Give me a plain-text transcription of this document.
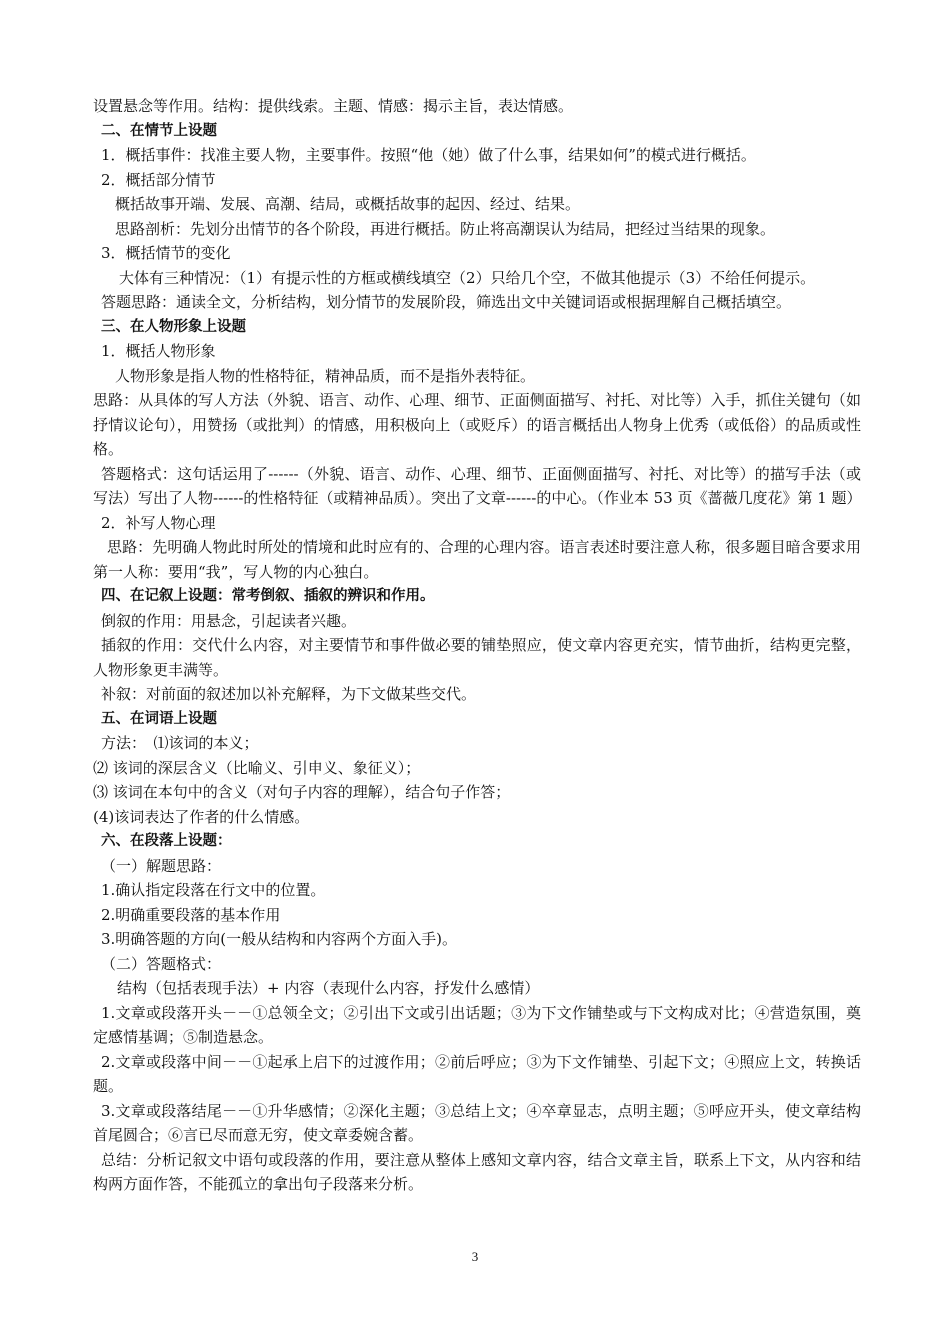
设置悬念等作用。结构：提供线索。主题、情感：揭示主旨，表达情感。

二、在情节上设题

1．概括事件：找准主要人物，主要事件。按照“他（她）做了什么事，结果如何”的模式进行概括。

2．概括部分情节

概括故事开端、发展、高潮、结局，或概括故事的起因、经过、结果。

思路剖析：先划分出情节的各个阶段，再进行概括。防止将高潮误认为结局，把经过当结果的现象。

3．概括情节的变化

大体有三种情况：（1）有提示性的方框或横线填空（2）只给几个空，不做其他提示（3）不给任何提示。

答题思路：通读全文，分析结构，划分情节的发展阶段，筛选出文中关键词语或根据理解自己概括填空。

三、在人物形象上设题

1．概括人物形象

人物形象是指人物的性格特征，精神品质，而不是指外表特征。

思路：从具体的写人方法（外貌、语言、动作、心理、细节、正面侧面描写、衬托、对比等）入手，抓住关键句（如抒情议论句），用赞扬（或批判）的情感，用积极向上（或贬斥）的语言概括出人物身上优秀（或低俗）的品质或性格。

答题格式：这句话运用了------（外貌、语言、动作、心理、细节、正面侧面描写、衬托、对比等）的描写手法（或写法）写出了人物------的性格特征（或精神品质）。突出了文章------的中心。（作业本 53 页《蔷薇几度花》第 1 题）

2．补写人物心理

思路：先明确人物此时所处的情境和此时应有的、合理的心理内容。语言表述时要注意人称，很多题目暗含要求用第一人称：要用“我”，写人物的内心独白。

四、在记叙上设题：常考倒叙、插叙的辨识和作用。

倒叙的作用：用悬念，引起读者兴趣。

插叙的作用：交代什么内容，对主要情节和事件做必要的铺垫照应，使文章内容更充实，情节曲折，结构更完整，人物形象更丰满等。

补叙：对前面的叙述加以补充解释，为下文做某些交代。

五、在词语上设题

方法：　⑴该词的本义；

⑵ 该词的深层含义（比喻义、引申义、象征义）；

⑶ 该词在本句中的含义（对句子内容的理解），结合句子作答；

(4)该词表达了作者的什么情感。

六、在段落上设题：

（一）解题思路：

1.确认指定段落在行文中的位置。

2.明确重要段落的基本作用

3.明确答题的方向(一般从结构和内容两个方面入手)。

（二）答题格式：

结构（包括表现手法）+ 内容（表现什么内容，抒发什么感情）

1.文章或段落开头－－①总领全文；②引出下文或引出话题；③为下文作铺垫或与下文构成对比；④营造氛围，奠定感情基调；⑤制造悬念。

2.文章或段落中间－－①起承上启下的过渡作用；②前后呼应；③为下文作铺垫、引起下文；④照应上文，转换话题。

3.文章或段落结尾－－①升华感情；②深化主题；③总结上文；④卒章显志，点明主题；⑤呼应开头，使文章结构首尾圆合；⑥言已尽而意无穷，使文章委婉含蓄。

总结：分析记叙文中语句或段落的作用，要注意从整体上感知文章内容，结合文章主旨，联系上下文，从内容和结构两方面作答，不能孤立的拿出句子段落来分析。

3
